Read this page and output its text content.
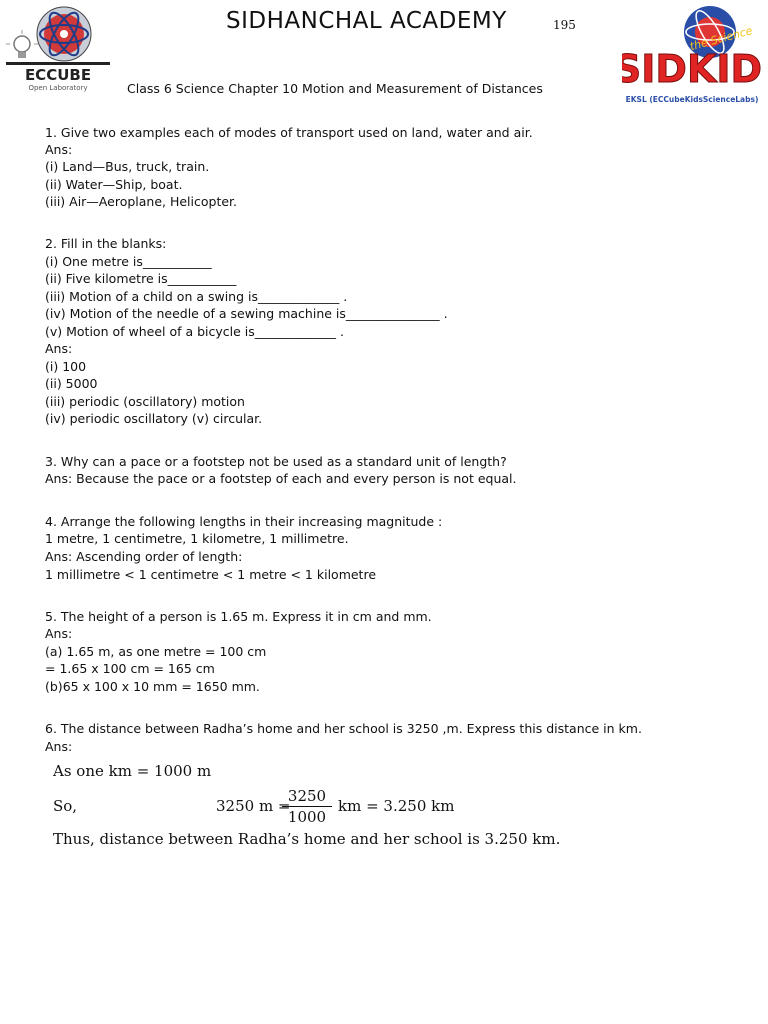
ECCUBE
Open Laboratory
the Science
SIDKID
EKSL (ECCubeKidsScienceLabs)
SIDHANCHAL ACADEMY	195
Class 6 Science Chapter 10 Motion and Measurement of Distances
1. Give two examples each of modes of transport used on land, water and air.
Ans:
(i) Land—Bus, truck, train.
(ii) Water—Ship, boat.
(iii) Air—Aeroplane, Helicopter.
2. Fill in the blanks:
(i) One metre is___________
(ii) Five kilometre is___________
(iii) Motion of a child on a swing is_____________ .
(iv) Motion of the needle of a sewing machine is_______________ .
(v) Motion of wheel of a bicycle is_____________ .
Ans:
(i) 100
(ii) 5000
(iii) periodic (oscillatory) motion
(iv) periodic oscillatory (v) circular.
3. Why can a pace or a footstep not be used as a standard unit of length?
Ans: Because the pace or a footstep of each and every person is not equal.
4. Arrange the following lengths in their increasing magnitude :
1 metre, 1 centimetre, 1 kilometre, 1 millimetre.
Ans: Ascending order of length:
1 millimetre < 1 centimetre < 1 metre < 1 kilometre
5. The height of a person is 1.65 m. Express it in cm and mm.
Ans:
(a) 1.65 m, as one metre = 100 cm
= 1.65 x 100 cm = 165 cm
(b)65 x 100 x 10 mm = 1650 mm.
6. The distance between Radha’s home and her school is 3250 ,m. Express this distance in km.
Ans:
As one km = 1000 m
So,	3250 m =
$\frac{3250}{1000}$ km = 3.250 km
Thus, distance between Radha’s home and her school is 3.250 km.
